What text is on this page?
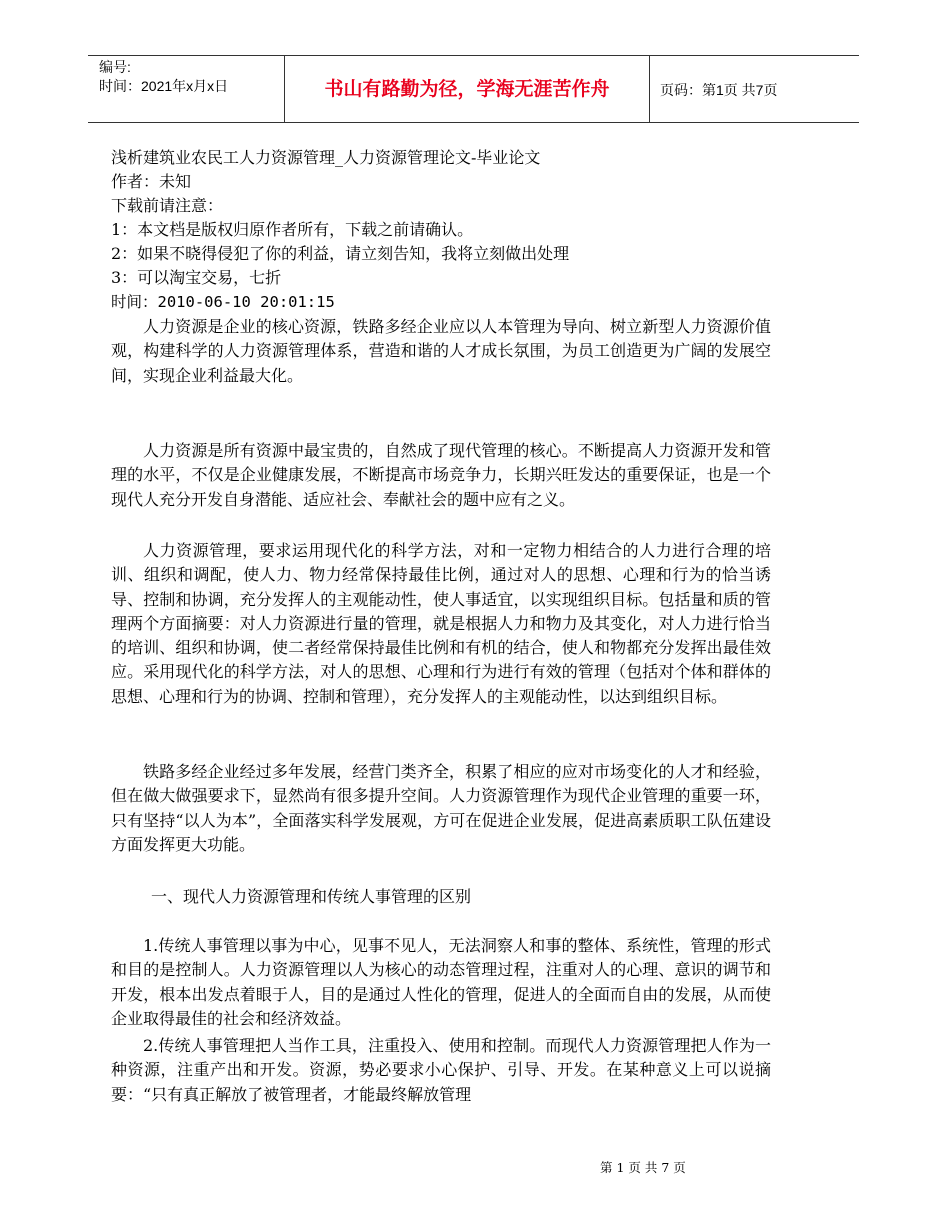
编号:
时间：2021年x月x日	书山有路勤为径，学海无涯苦作舟	页码：第1页 共7页
浅析建筑业农民工人力资源管理_人力资源管理论文-毕业论文
作者：未知
下载前请注意：
1：本文档是版权归原作者所有，下载之前请确认。
2：如果不晓得侵犯了你的利益，请立刻告知，我将立刻做出处理
3：可以淘宝交易，七折
时间：2010-06-10 20:01:15
人力资源是企业的核心资源，铁路多经企业应以人本管理为导向、树立新型人力资源价值观，构建科学的人力资源管理体系，营造和谐的人才成长氛围，为员工创造更为广阔的发展空间，实现企业利益最大化。
人力资源是所有资源中最宝贵的，自然成了现代管理的核心。不断提高人力资源开发和管理的水平，不仅是企业健康发展，不断提高市场竞争力，长期兴旺发达的重要保证，也是一个现代人充分开发自身潜能、适应社会、奉献社会的题中应有之义。
人力资源管理，要求运用现代化的科学方法，对和一定物力相结合的人力进行合理的培训、组织和调配，使人力、物力经常保持最佳比例，通过对人的思想、心理和行为的恰当诱导、控制和协调，充分发挥人的主观能动性，使人事适宜，以实现组织目标。包括量和质的管理两个方面摘要：对人力资源进行量的管理，就是根据人力和物力及其变化，对人力进行恰当的培训、组织和协调，使二者经常保持最佳比例和有机的结合，使人和物都充分发挥出最佳效应。采用现代化的科学方法，对人的思想、心理和行为进行有效的管理（包括对个体和群体的思想、心理和行为的协调、控制和管理），充分发挥人的主观能动性，以达到组织目标。
铁路多经企业经过多年发展，经营门类齐全，积累了相应的应对市场变化的人才和经验，但在做大做强要求下，显然尚有很多提升空间。人力资源管理作为现代企业管理的重要一环，只有坚持“以人为本”，全面落实科学发展观，方可在促进企业发展，促进高素质职工队伍建设方面发挥更大功能。
一、现代人力资源管理和传统人事管理的区别
1.传统人事管理以事为中心，见事不见人，无法洞察人和事的整体、系统性，管理的形式和目的是控制人。人力资源管理以人为核心的动态管理过程，注重对人的心理、意识的调节和开发，根本出发点着眼于人，目的是通过人性化的管理，促进人的全面而自由的发展，从而使企业取得最佳的社会和经济效益。
2.传统人事管理把人当作工具，注重投入、使用和控制。而现代人力资源管理把人作为一种资源，注重产出和开发。资源，势必要求小心保护、引导、开发。在某种意义上可以说摘要：“只有真正解放了被管理者，才能最终解放管理
第 1 页 共 7 页
